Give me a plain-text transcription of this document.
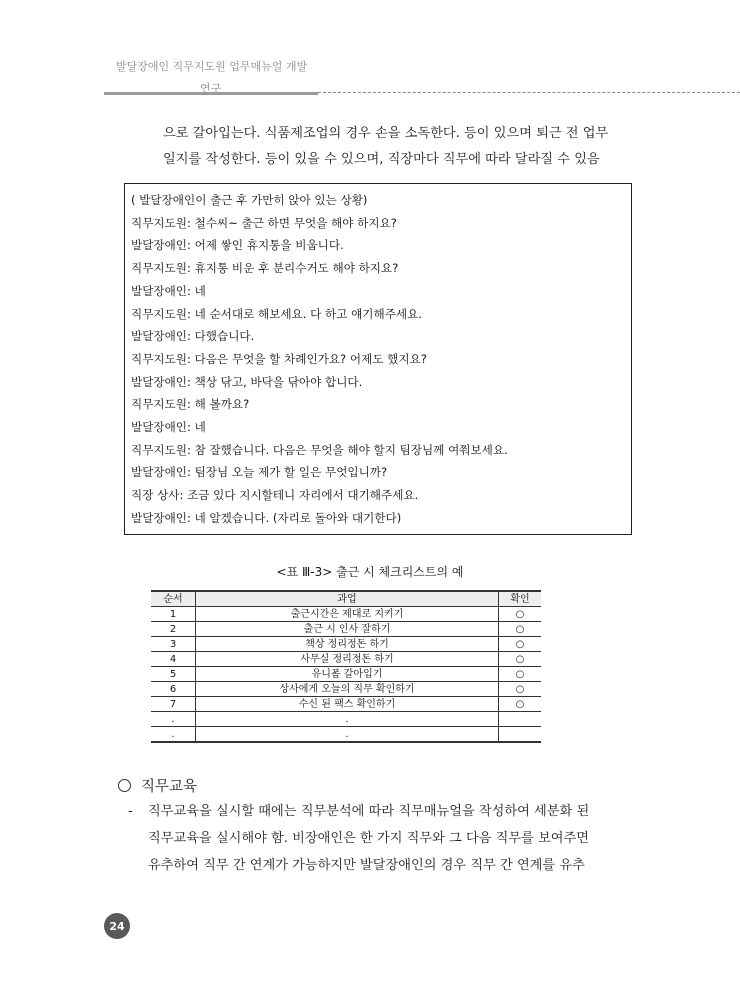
발달장애인 직무지도원 업무매뉴얼 개발
연구

으로 갈아입는다. 식품제조업의 경우 손을 소독한다. 등이 있으며 퇴근 전 업무

일지를 작성한다. 등이 있을 수 있으며, 직장마다 직무에 따라 달라질 수 있음

( 발달장애인이 출근 후 가만히 앉아 있는 상황)
직무지도원: 철수씨~ 출근 하면 무엇을 해야 하지요?
발달장애인: 어제 쌓인 휴지통을 비웁니다.
직무지도원: 휴지통 비운 후 분리수거도 해야 하지요?
발달장애인: 네
직무지도원: 네 순서대로 해보세요. 다 하고 얘기해주세요.
발달장애인: 다했습니다.
직무지도원: 다음은 무엇을 할 차례인가요? 어제도 했지요?
발달장애인: 책상 닦고, 바닥을 닦아야 합니다.
직무지도원: 해 볼까요?
발달장애인: 네
직무지도원: 참 잘했습니다. 다음은 무엇을 해야 할지 팀장님께 여쭤보세요.
발달장애인: 팀장님 오늘 제가 할 일은 무엇입니까?
직장 상사: 조금 있다 지시할테니 자리에서 대기해주세요.
발달장애인: 네 알겠습니다. (자리로 돌아와 대기한다)
<표 Ⅲ-3> 출근 시 체크리스트의 예
순서	과업	확인
1	출근시간은 제대로 지키기	○
2	출근 시 인사 잘하기	○
3	책상 정리정돈 하기	○
4	사무실 정리정돈 하기	○
5	유니폼 갈아입기	○
6	상사에게 오늘의 직무 확인하기	○
7	수신 된 팩스 확인하기	○
.	.	
.	.	
직무교육

- 직무교육을 실시할 때에는 직무분석에 따라 직무매뉴얼을 작성하여 세분화 된

직무교육을 실시해야 함. 비장애인은 한 가지 직무와 그 다음 직무를 보여주면

유추하여 직무 간 연계가 가능하지만 발달장애인의 경우 직무 간 연계를 유추

24
